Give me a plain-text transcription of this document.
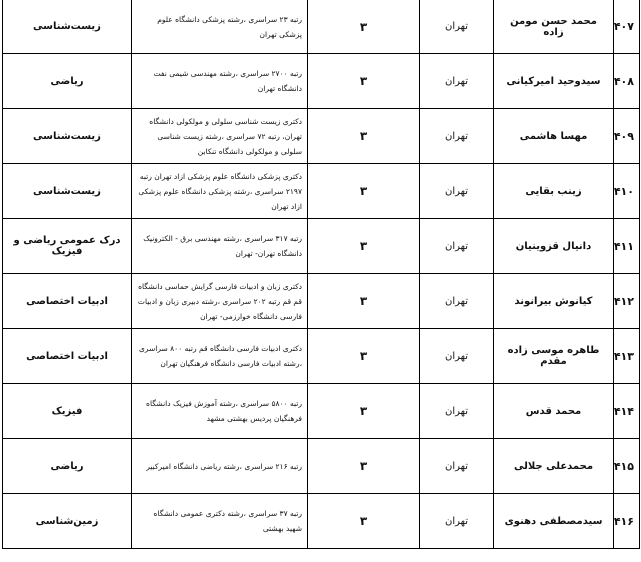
۴۰۷	محمد حسن مومن زاده	تهران	۳	رتبه ۲۳ سراسری ،رشته پزشکی دانشگاه علوم پزشکی تهران	زیست‌شناسی
۴۰۸	سیدوحید امیرکیانی	تهران	۳	رتبه ۲۷۰۰ سراسری ،رشته مهندسی شیمی نفت دانشگاه تهران	ریاضی
۴۰۹	مهسا هاشمی	تهران	۳	دکتری زیست شناسی سلولی و مولکولی دانشگاه تهران، رتبه ۷۲ سراسری ،رشته زیست شناسی سلولی و مولکولی دانشگاه تنکابن	زیست‌شناسی
۴۱۰	زینب بقایی	تهران	۳	دکتری پزشکی دانشگاه علوم پزشکی ازاد تهران رتبه ۲۱۹۷ سراسری ،رشته پزشکی دانشگاه علوم پزشکی ازاد تهران	زیست‌شناسی
۴۱۱	دانیال قزوینیان	تهران	۳	رتبه ۳۱۷ سراسری ،رشته مهندسی برق - الکترونیک دانشگاه تهران- تهران	درک عمومی ریاضی و فیزیک
۴۱۲	کیانوش بیرانوند	تهران	۳	دکتری زبان و ادبیات فارسی گرایش حماسی دانشگاه قم قم رتبه ۲۰۲ سراسری ،رشته دبیری زبان و ادبیات فارسی دانشگاه خوارزمی- تهران	ادبیات اختصاصی
۴۱۳	طاهره موسی زاده مقدم	تهران	۳	دکتری ادبیات فارسی دانشگاه قم رتبه ۸۰۰ سراسری ،رشته ادبیات فارسی دانشگاه فرهنگیان تهران	ادبیات اختصاصی
۴۱۴	محمد قدس	تهران	۳	رتبه ۵۸۰۰ سراسری ،رشته آموزش فیزیک دانشگاه فرهنگیان پردیس بهشتی مشهد	فیزیک
۴۱۵	محمدعلی جلالی	تهران	۳	رتبه ۲۱۶ سراسری ،رشته ریاضی دانشگاه امیرکبیر	ریاضی
۴۱۶	سیدمصطفی دهنوی	تهران	۳	رتبه ۳۷ سراسری ،رشته دکتری عمومی دانشگاه شهید بهشتی	زمین‌شناسی
